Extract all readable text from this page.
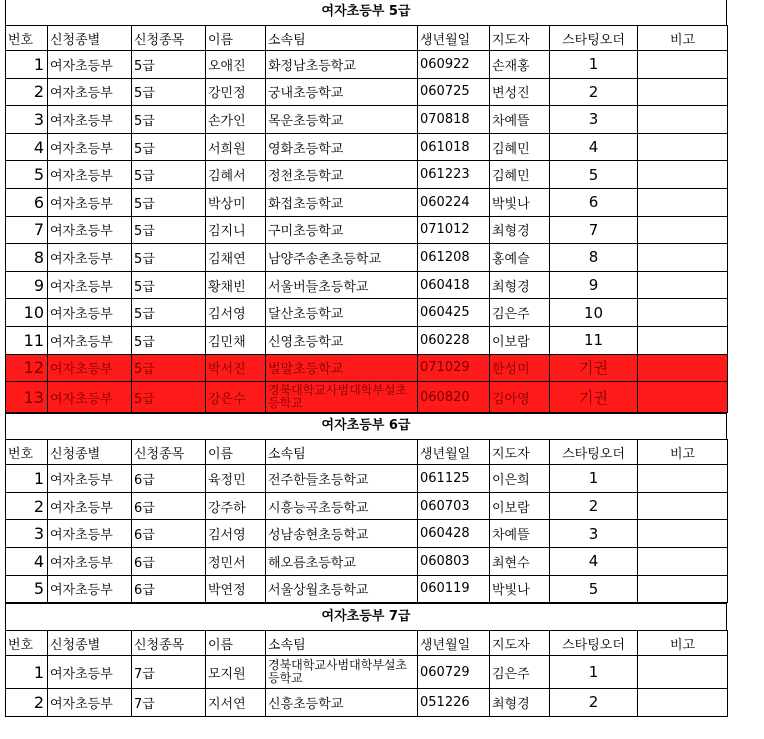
여자초등부 5급
번호	신청종별	신청종목	이름	소속팀	생년월일	지도자	스타팅오더	비고
1	여자초등부	5급	오애진	화정남초등학교	060922	손재홍	1	
2	여자초등부	5급	강민정	궁내초등학교	060725	변성진	2	
3	여자초등부	5급	손가인	목운초등학교	070818	차예뜰	3	
4	여자초등부	5급	서희원	영화초등학교	061018	김혜민	4	
5	여자초등부	5급	김혜서	정천초등학교	061223	김혜민	5	
6	여자초등부	5급	박상미	화접초등학교	060224	박빛나	6	
7	여자초등부	5급	김지니	구미초등학교	071012	최형경	7	
8	여자초등부	5급	김채연	남양주송촌초등학교	061208	홍예슬	8	
9	여자초등부	5급	황채빈	서울버들초등학교	060418	최형경	9	
10	여자초등부	5급	김서영	달산초등학교	060425	김은주	10	
11	여자초등부	5급	김민채	신영초등학교	060228	이보람	11	
12	여자초등부	5급	박서진	벌말초등학교	071029	한성미	기권	
13	여자초등부	5급	강은수	경북대학교사범대학부설초등학교	060820	김아영	기권	
여자초등부 6급
번호	신청종별	신청종목	이름	소속팀	생년월일	지도자	스타팅오더	비고
1	여자초등부	6급	육정민	전주한들초등학교	061125	이은희	1	
2	여자초등부	6급	강주하	시흥능곡초등학교	060703	이보람	2	
3	여자초등부	6급	김서영	성남송현초등학교	060428	차예뜰	3	
4	여자초등부	6급	정민서	해오름초등학교	060803	최현수	4	
5	여자초등부	6급	박연정	서울상월초등학교	060119	박빛나	5	
여자초등부 7급
번호	신청종별	신청종목	이름	소속팀	생년월일	지도자	스타팅오더	비고
1	여자초등부	7급	모지원	경북대학교사범대학부설초등학교	060729	김은주	1	
2	여자초등부	7급	지서연	신흥초등학교	051226	최형경	2	
